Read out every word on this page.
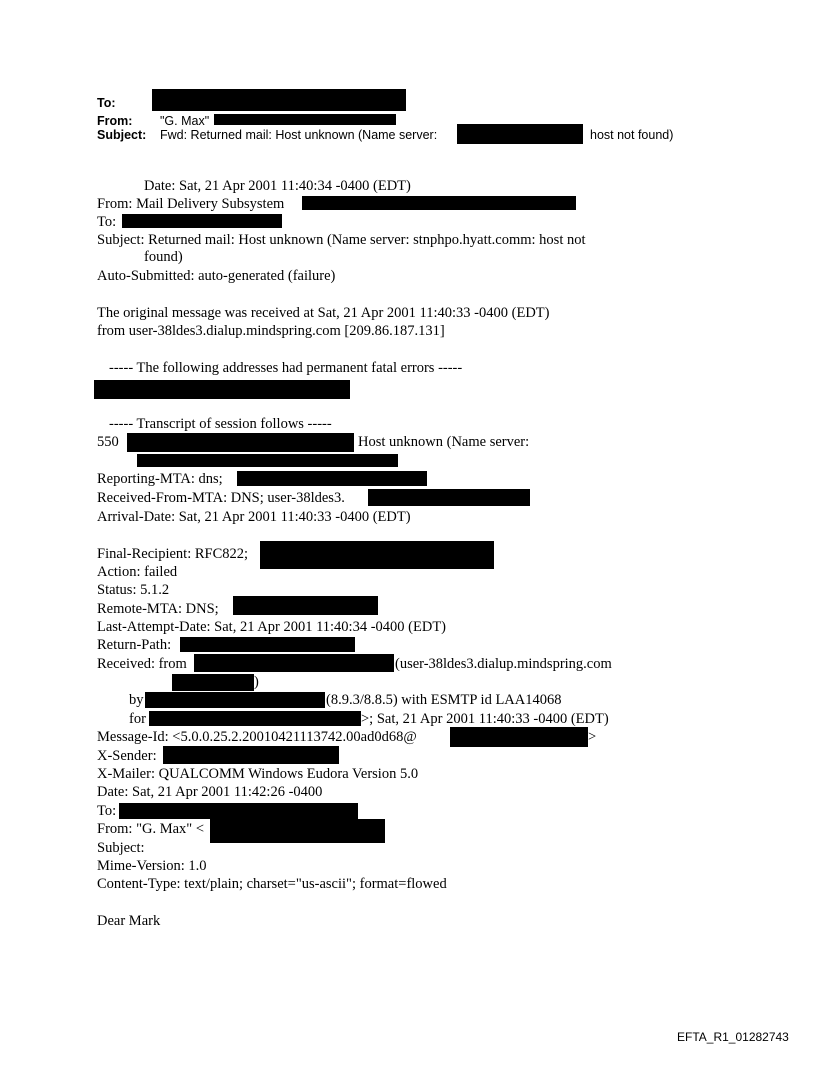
To:
From: "G. Max"
Subject: Fwd: Returned mail: Host unknown (Name server:	host not found)
Date: Sat, 21 Apr 2001 11:40:34 -0400 (EDT)
From: Mail Delivery Subsystem
To:
Subject: Returned mail: Host unknown (Name server: stnphpo.hyatt.comm: host not
found)
Auto-Submitted: auto-generated (failure)
The original message was received at Sat, 21 Apr 2001 11:40:33 -0400 (EDT)
from user-38ldes3.dialup.mindspring.com [209.86.187.131]
----- The following addresses had permanent fatal errors -----
----- Transcript of session follows -----
550	Host unknown (Name server:
Reporting-MTA: dns;
Received-From-MTA: DNS; user-38ldes3.
Arrival-Date: Sat, 21 Apr 2001 11:40:33 -0400 (EDT)
Final-Recipient: RFC822;
Action: failed
Status: 5.1.2
Remote-MTA: DNS;
Last-Attempt-Date: Sat, 21 Apr 2001 11:40:34 -0400 (EDT)
Return-Path:
Received: from	(user-38ldes3.dialup.mindspring.com
)
by	(8.9.3/8.8.5) with ESMTP id LAA14068
for	>; Sat, 21 Apr 2001 11:40:33 -0400 (EDT)
Message-Id: <5.0.0.25.2.20010421113742.00ad0d68@	>
X-Sender:
X-Mailer: QUALCOMM Windows Eudora Version 5.0
Date: Sat, 21 Apr 2001 11:42:26 -0400
To:
From: "G. Max" <
Subject:
Mime-Version: 1.0
Content-Type: text/plain; charset="us-ascii"; format=flowed
Dear Mark
EFTA_R1_01282743
